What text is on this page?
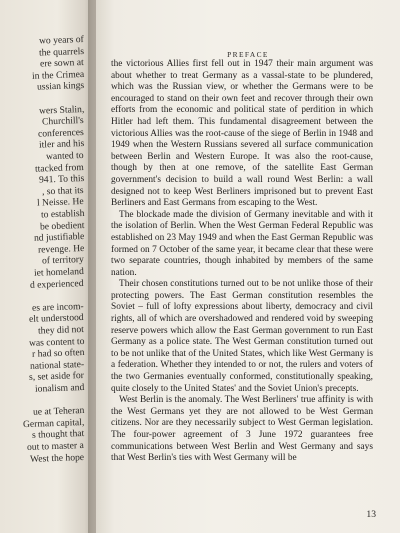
wo years of
the quarrels
ere sown at
in the Crimea
ussian kings
wers Stalin,
Churchill's
conferences
itler and his
wanted to
ttacked from
941. To this
, so that its
l Neisse. He
to establish
be obedient
nd justifiable
revenge. He
of territory
iet homeland
d experienced
es are incom-
elt understood
they did not
was content to
r had so often
national state-
s, set aside for
ionalism and
ue at Teheran
German capital,
s thought that
out to master a
West the hope
PREFACE

the victorious Allies first fell out in 1947 their main argument was about whether to treat Germany as a vassal-state to be plundered, which was the Russian view, or whether the Germans were to be encouraged to stand on their own feet and recover through their own efforts from the economic and political state of perdition in which Hitler had left them. This fundamental disagreement between the victorious Allies was the root-cause of the siege of Berlin in 1948 and 1949 when the Western Russians severed all surface communication between Berlin and Western Europe. It was also the root-cause, though by then at one remove, of the satellite East German government's decision to build a wall round West Berlin: a wall designed not to keep West Berliners imprisoned but to prevent East Berliners and East Germans from escaping to the West.

The blockade made the division of Germany inevitable and with it the isolation of Berlin. When the West German Federal Republic was established on 23 May 1949 and when the East German Republic was formed on 7 October of the same year, it became clear that these were two separate countries, though inhabited by members of the same nation.

Their chosen constitutions turned out to be not unlike those of their protecting powers. The East German constitution resembles the Soviet – full of lofty expressions about liberty, democracy and civil rights, all of which are overshadowed and rendered void by sweeping reserve powers which allow the East German government to run East Germany as a police state. The West German constitution turned out to be not unlike that of the United States, which like West Germany is a federation. Whether they intended to or not, the rulers and voters of the two Germanies eventually conformed, constitutionally speaking, quite closely to the United States' and the Soviet Union's precepts.

West Berlin is the anomaly. The West Berliners' true affinity is with the West Germans yet they are not allowed to be West German citizens. Nor are they necessarily subject to West German legislation. The four-power agreement of 3 June 1972 guarantees free communications between West Berlin and West Germany and says that West Berlin's ties with West Germany will be

13
